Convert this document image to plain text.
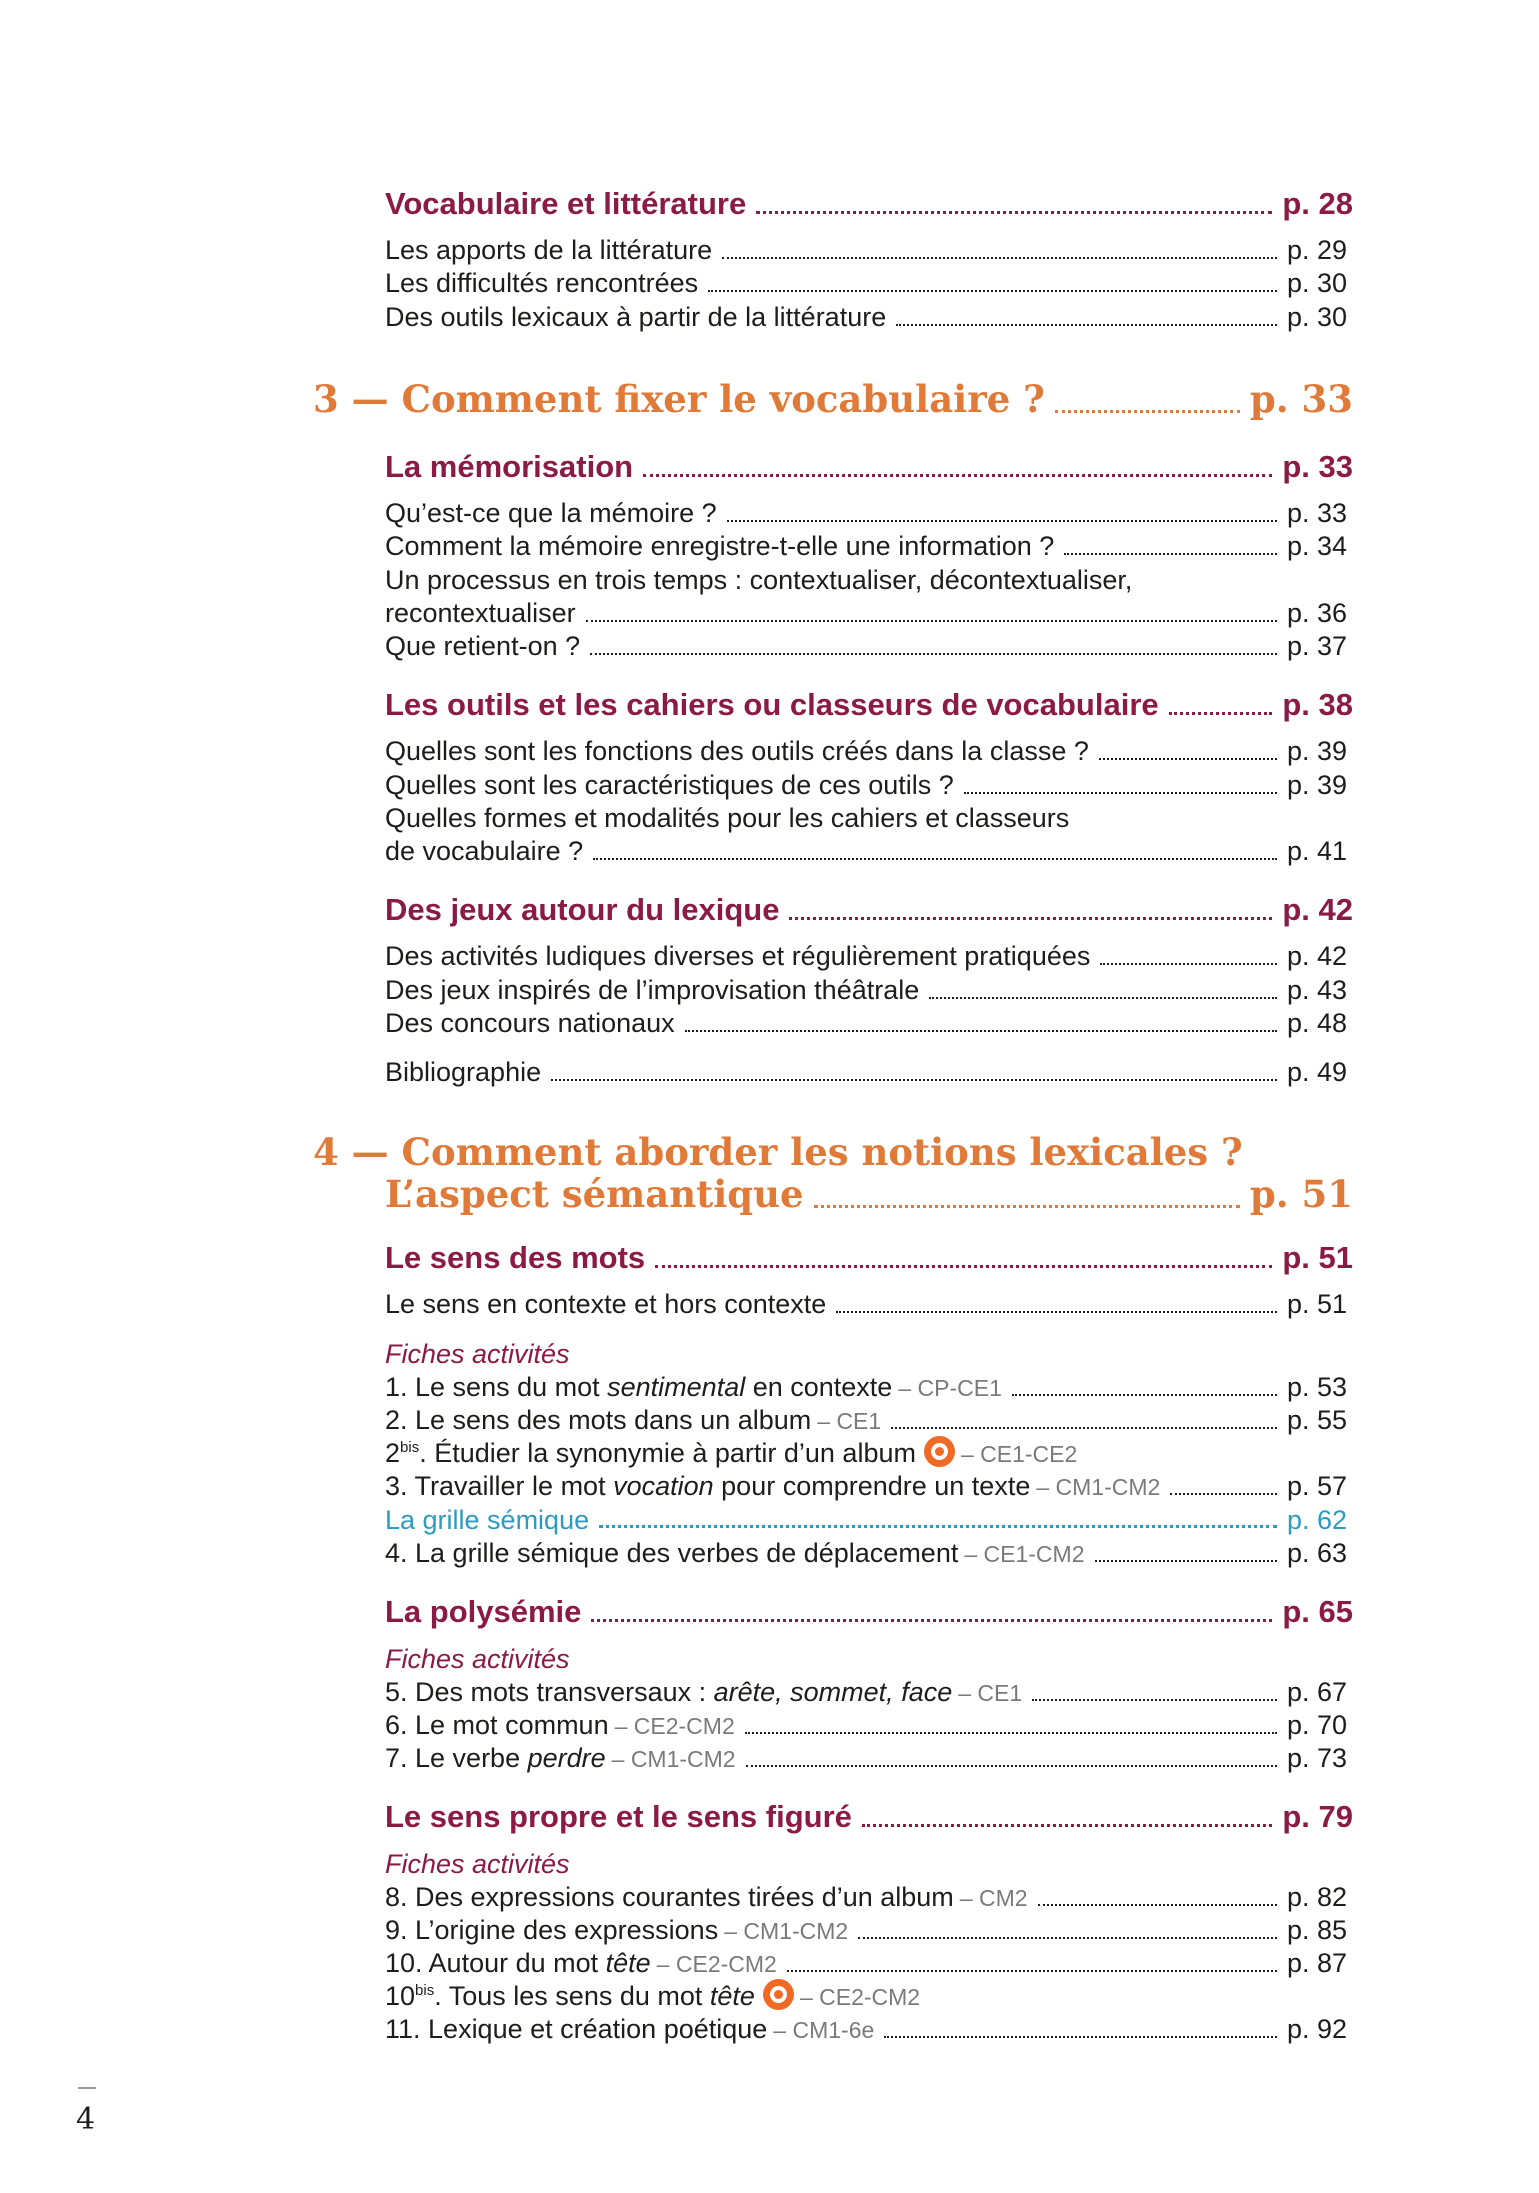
Vocabulaire et littérature	p. 28
Les apports de la littérature	p. 29
Les difficultés rencontrées	p. 30
Des outils lexicaux à partir de la littérature	p. 30
3 — Comment fixer le vocabulaire ?	p. 33
La mémorisation	p. 33
Qu’est-ce que la mémoire ?	p. 33
Comment la mémoire enregistre-t-elle une information ?	p. 34
Un processus en trois temps : contextualiser, décontextualiser,
recontextualiser	p. 36
Que retient-on ?	p. 37
Les outils et les cahiers ou classeurs de vocabulaire	p. 38
Quelles sont les fonctions des outils créés dans la classe ?	p. 39
Quelles sont les caractéristiques de ces outils ?	p. 39
Quelles formes et modalités pour les cahiers et classeurs
de vocabulaire ?	p. 41
Des jeux autour du lexique	p. 42
Des activités ludiques diverses et régulièrement pratiquées	p. 42
Des jeux inspirés de l’improvisation théâtrale	p. 43
Des concours nationaux	p. 48
Bibliographie	p. 49
4 — Comment aborder les notions lexicales ?
L’aspect sémantique	p. 51
Le sens des mots	p. 51
Le sens en contexte et hors contexte	p. 51
Fiches activités
1. Le sens du mot sentimental en contexte – CP-CE1	p. 53
2. Le sens des mots dans un album – CE1	p. 55
$2^{bis}$. Étudier la synonymie à partir d’un album – CE1-CE2
3. Travailler le mot vocation pour comprendre un texte – CM1-CM2	p. 57
La grille sémique	p. 62
4. La grille sémique des verbes de déplacement – CE1-CM2	p. 63
La polysémie	p. 65
Fiches activités
5. Des mots transversaux : arête, sommet, face – CE1	p. 67
6. Le mot commun – CE2-CM2	p. 70
7. Le verbe perdre – CM1-CM2	p. 73
Le sens propre et le sens figuré	p. 79
Fiches activités
8. Des expressions courantes tirées d’un album – CM2	p. 82
9. L’origine des expressions – CM1-CM2	p. 85
10. Autour du mot tête – CE2-CM2	p. 87
$10^{bis}$. Tous les sens du mot tête – CE2-CM2
11. Lexique et création poétique – CM1-6e	p. 92
4
